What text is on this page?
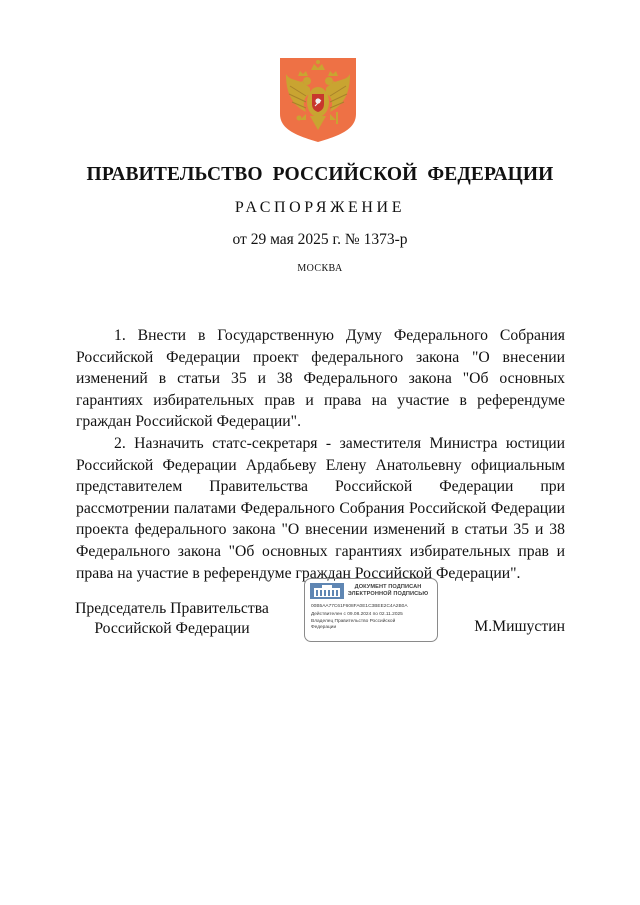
ПРАВИТЕЛЬСТВО РОССИЙСКОЙ ФЕДЕРАЦИИ
РАСПОРЯЖЕНИЕ
от 29 мая 2025 г. № 1373-р
МОСКВА

1. Внести в Государственную Думу Федерального Собрания Российской Федерации проект федерального закона "О внесении изменений в статьи 35 и 38 Федерального закона "Об основных гарантиях избирательных прав и права на участие в референдуме граждан Российской Федерации".

2. Назначить статс-секретаря - заместителя Министра юстиции Российской Федерации Ардабьеву Елену Анатольевну официальным представителем Правительства Российской Федерации при рассмотрении палатами Федерального Собрания Российской Федерации проекта федерального закона "О внесении изменений в статьи 35 и 38 Федерального закона "Об основных гарантиях избирательных прав и права на участие в референдуме граждан Российской Федерации".

Председатель Правительства
Российской Федерации
ДОКУМЕНТ ПОДПИСАН
ЭЛЕКТРОННОЙ ПОДПИСЬЮ
00B5AA77C61F608FA0E1C3BEE2C4A2B0A
Действителен с 09.08.2024 по 02.11.2025
Владелец Правительство Российской
Федерации	М.Мишустин
